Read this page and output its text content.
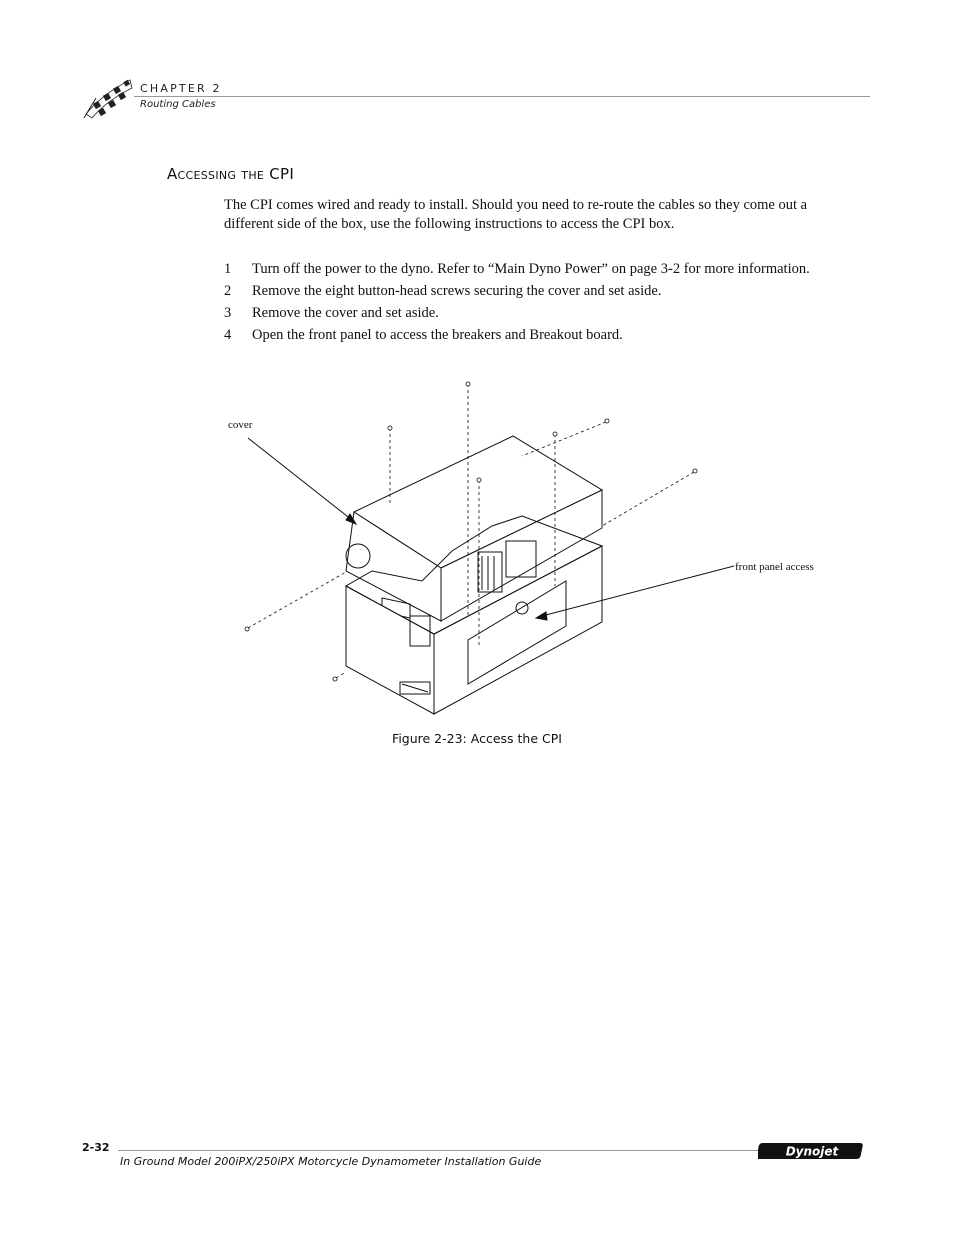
CHAPTER 2
Routing Cables
Accessing the CPI
The CPI comes wired and ready to install. Should you need to re-route the cables so they come out a different side of the box, use the following instructions to access the CPI box.
1 Turn off the power to the dyno. Refer to “Main Dyno Power” on page 3-2 for more information.
2 Remove the eight button-head screws securing the cover and set aside.
3 Remove the cover and set aside.
4 Open the front panel to access the breakers and Breakout board.
cover
front panel access
Figure 2-23: Access the CPI
2-32
In Ground Model 200iPX/250iPX Motorcycle Dynamometer Installation Guide
Dynojet
